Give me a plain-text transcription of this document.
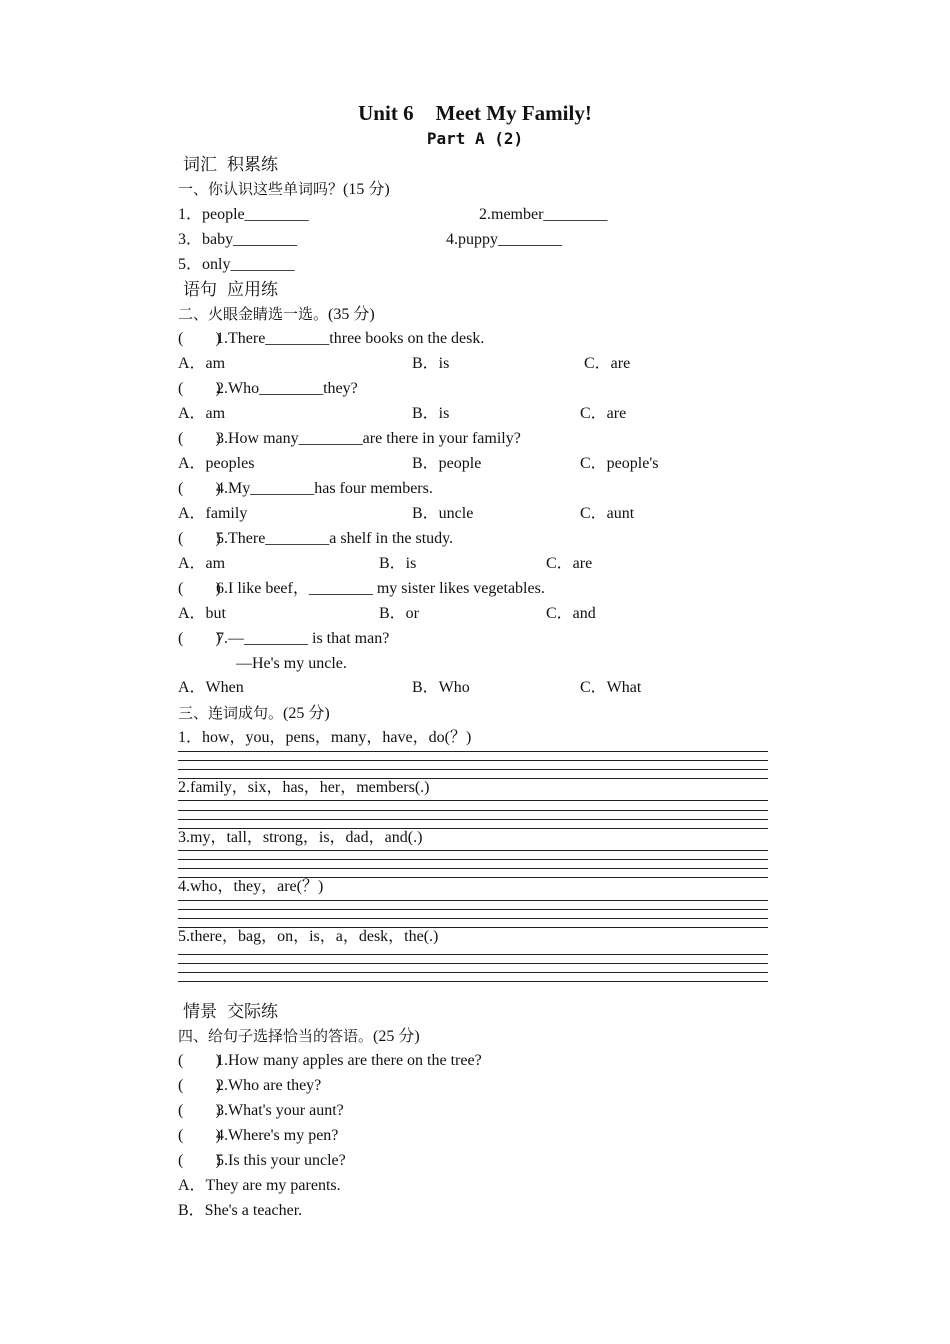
Unit 6 Meet My Family!
Part A (2)
词汇 积累练
一、你认识这些单词吗？(15 分)
1．people________	2.member________
3．baby________	4.puppy________
5．only________
语句 应用练
二、火眼金睛选一选。(35 分)
(　　)1.There________three books on the desk.
A．am	B．is	C．are
(　　)2.Who________they?
A．am	B．is	C．are
(　　)3.How many________are there in your family?
A．peoples	B．people	C．people's
(　　)4.My________has four members.
A．family	B．uncle	C．aunt
(　　)5.There________a shelf in the study.
A．am	B．is	C．are
(　　)6.I like beef，________ my sister likes vegetables.
A．but	B．or	C．and
(　　)7.—________ is that man?
—He's my uncle.
A．When	B．Who	C．What
三、连词成句。(25 分)
1．how，you，pens，many，have，do(？)
2.family，six，has，her，members(.)
3.my，tall，strong，is，dad，and(.)
4.who，they，are(？)
5.there，bag，on，is，a，desk，the(.)
情景 交际练
四、给句子选择恰当的答语。(25 分)
(　　)1.How many apples are there on the tree?
(　　)2.Who are they?
(　　)3.What's your aunt?
(　　)4.Where's my pen?
(　　)5.Is this your uncle?
A．They are my parents.
B．She's a teacher.
